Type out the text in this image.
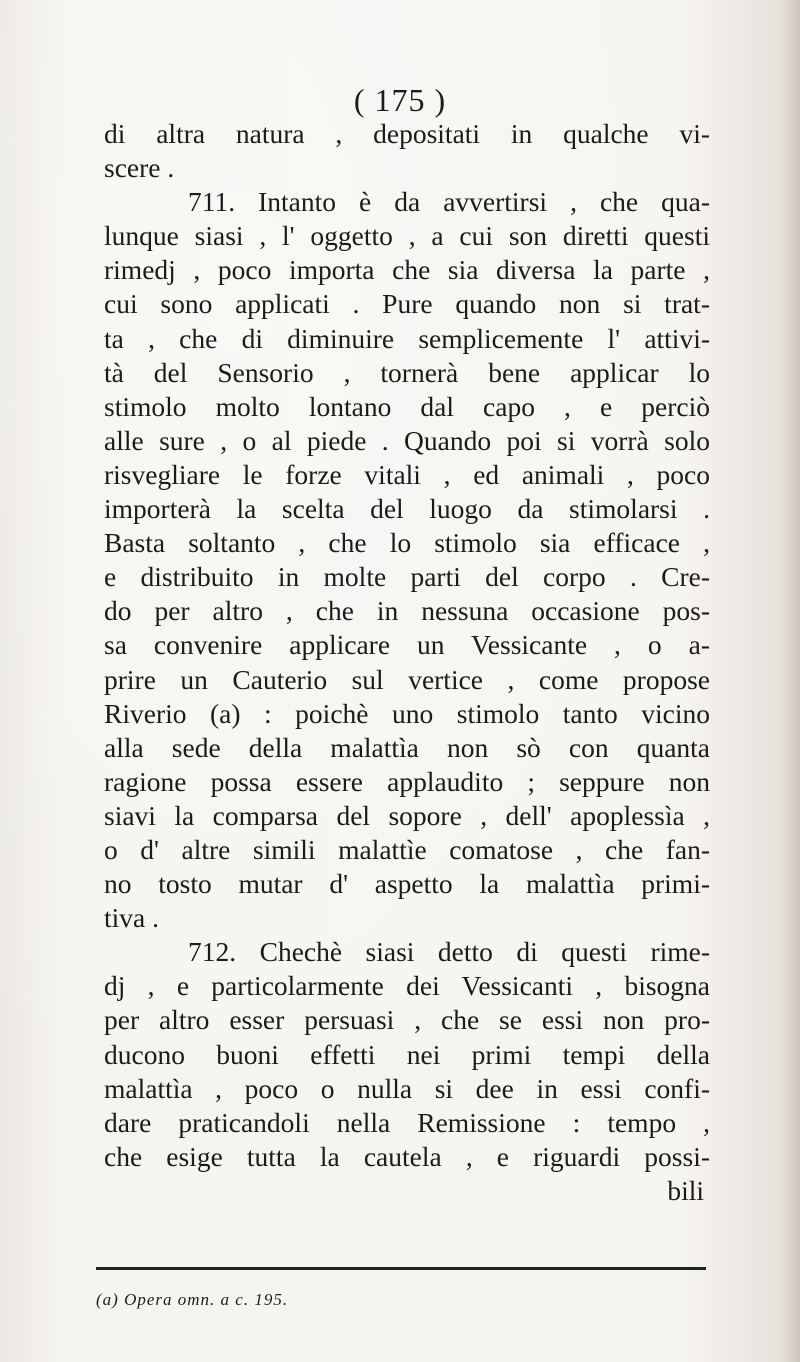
( 175 )
di altra natura , depositati in qualche vi-
scere .
711. Intanto è da avvertirsi , che qua-
lunque siasi , l' oggetto , a cui son diretti questi
rimedj , poco importa che sia diversa la parte ,
cui sono applicati . Pure quando non si trat-
ta , che di diminuire semplicemente l' attivi-
tà del Sensorio , tornerà bene applicar lo
stimolo molto lontano dal capo , e perciò
alle sure , o al piede . Quando poi si vorrà solo
risvegliare le forze vitali , ed animali , poco
importerà la scelta del luogo da stimolarsi .
Basta soltanto , che lo stimolo sia efficace ,
e distribuito in molte parti del corpo . Cre-
do per altro , che in nessuna occasione pos-
sa convenire applicare un Vessicante , o a-
prire un Cauterio sul vertice , come propose
Riverio (a) : poichè uno stimolo tanto vicino
alla sede della malattìa non sò con quanta
ragione possa essere applaudito ; seppure non
siavi la comparsa del sopore , dell' apoplessìa ,
o d' altre simili malattìe comatose , che fan-
no tosto mutar d' aspetto la malattìa primi-
tiva .
712. Chechè siasi detto di questi rime-
dj , e particolarmente dei Vessicanti , bisogna
per altro esser persuasi , che se essi non pro-
ducono buoni effetti nei primi tempi della
malattìa , poco o nulla si dee in essi confi-
dare praticandoli nella Remissione : tempo ,
che esige tutta la cautela , e riguardi possi-
bili
(a) Opera omn. a c. 195.
